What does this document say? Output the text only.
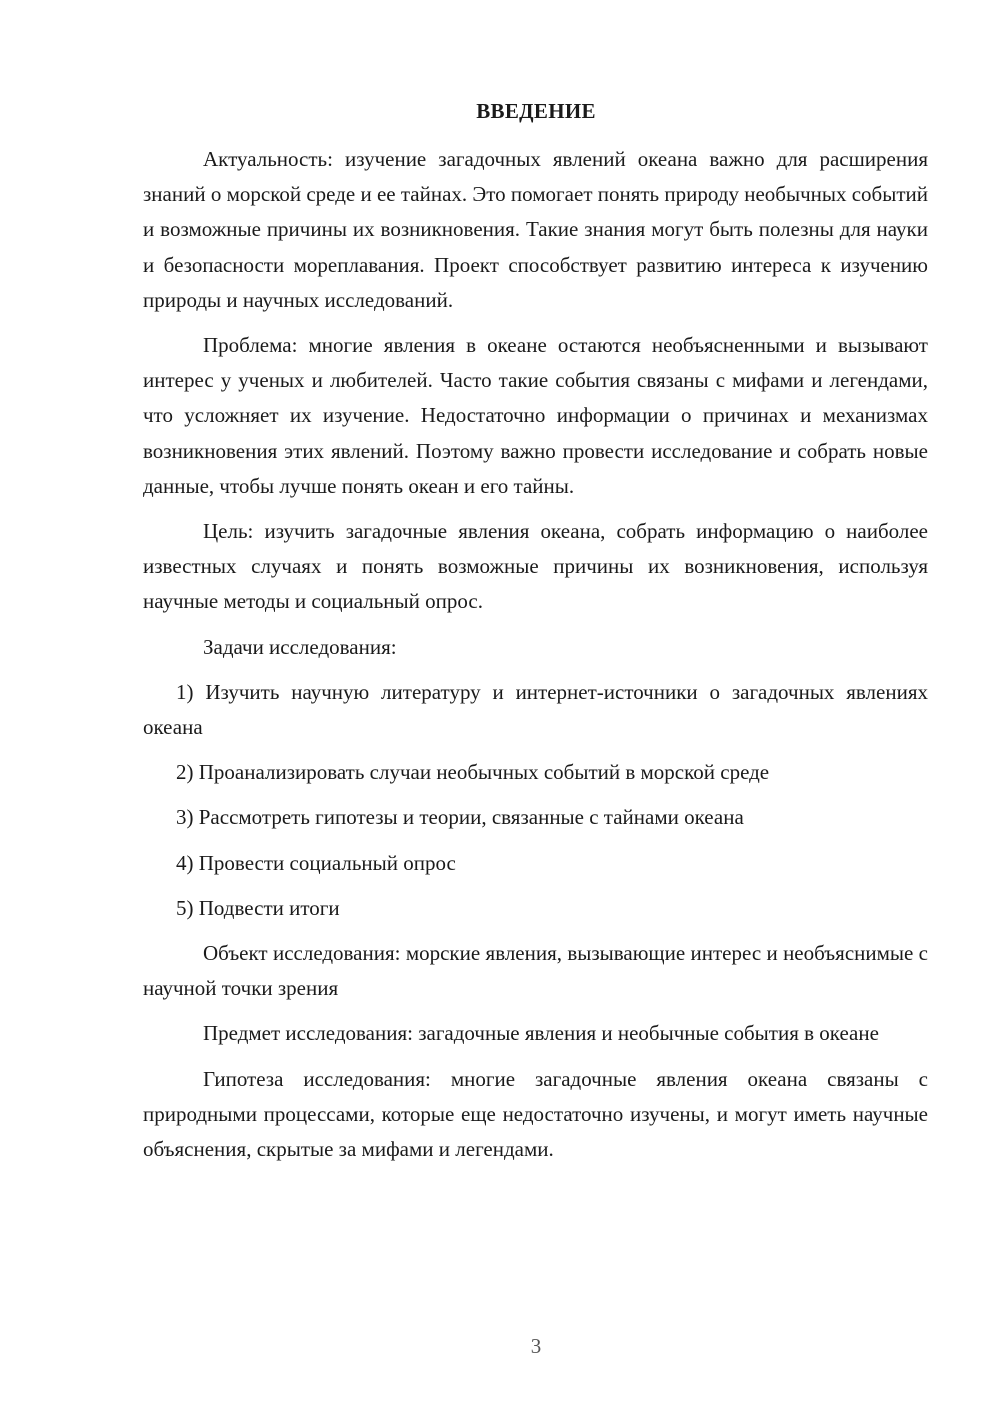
ВВЕДЕНИЕ

Актуальность: изучение загадочных явлений океана важно для расширения знаний о морской среде и ее тайнах. Это помогает понять природу необычных событий и возможные причины их возникновения. Такие знания могут быть полезны для науки и безопасности мореплавания. Проект способствует развитию интереса к изучению природы и научных исследований.

Проблема: многие явления в океане остаются необъясненными и вызывают интерес у ученых и любителей. Часто такие события связаны с мифами и легендами, что усложняет их изучение. Недостаточно информации о причинах и механизмах возникновения этих явлений. Поэтому важно провести исследование и собрать новые данные, чтобы лучше понять океан и его тайны.

Цель: изучить загадочные явления океана, собрать информацию о наиболее известных случаях и понять возможные причины их возникновения, используя научные методы и социальный опрос.

Задачи исследования:

1) Изучить научную литературу и интернет-источники о загадочных явлениях океана

2) Проанализировать случаи необычных событий в морской среде

3) Рассмотреть гипотезы и теории, связанные с тайнами океана

4) Провести социальный опрос

5) Подвести итоги

Объект исследования: морские явления, вызывающие интерес и необъяснимые с научной точки зрения

Предмет исследования: загадочные явления и необычные события в океане

Гипотеза исследования: многие загадочные явления океана связаны с природными процессами, которые еще недостаточно изучены, и могут иметь научные объяснения, скрытые за мифами и легендами.

3
